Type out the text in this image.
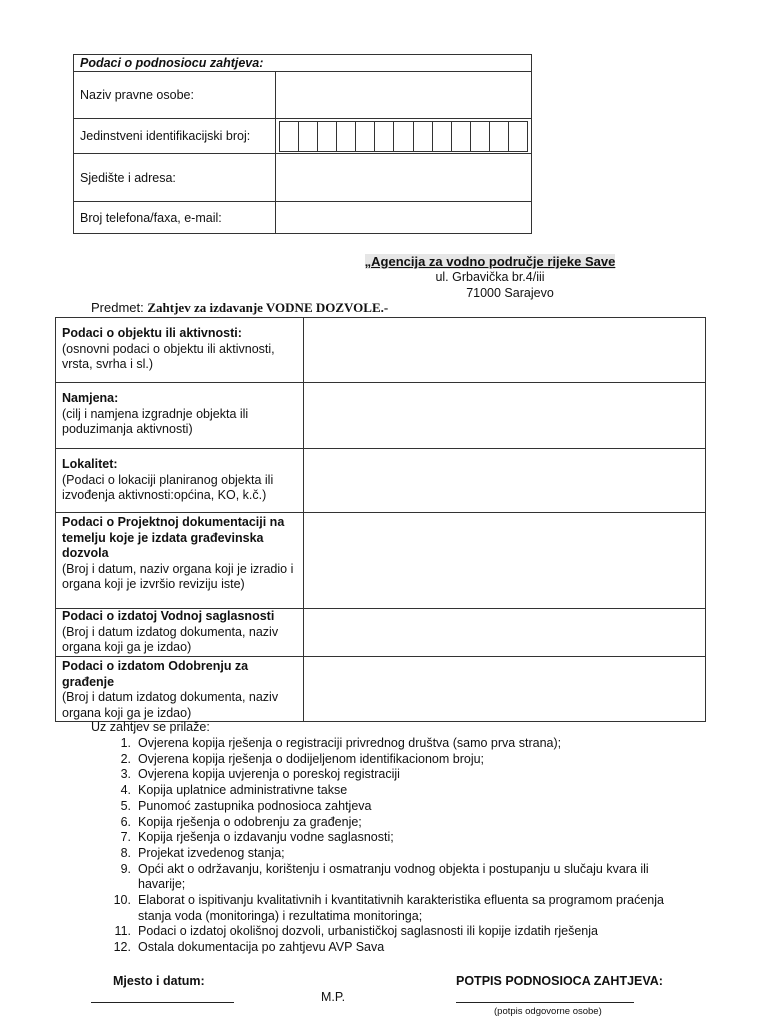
Podaci o podnosiocu zahtjeva:	
Naziv pravne osobe:	
Jedinstveni identifikacijski broj:	

Sjedište i adresa:	
Broj telefona/faxa, e-mail:	
„Agencija za vodno područje rijeke Save
ul. Grbavička br.4/iii
71000 Sarajevo
Predmet: Zahtjev za izdavanje VODNE DOZVOLE.-
Podaci o objektu ili aktivnosti:
(osnovni podaci o objektu ili aktivnosti, vrsta, svrha i sl.)	

Namjena:
(cilj i namjena izgradnje objekta ili poduzimanja aktivnosti)	

Lokalitet:
(Podaci o lokaciji planiranog objekta ili izvođenja aktivnosti:općina, KO, k.č.)	

Podaci o Projektnoj dokumentaciji na temelju koje je izdata građevinska dozvola
(Broj i datum, naziv organa koji je izradio i organa koji je izvršio reviziju iste)	

Podaci o izdatoj Vodnoj saglasnosti
(Broj i datum izdatog dokumenta, naziv organa koji ga je izdao)	

Podaci o izdatom Odobrenju za građenje
(Broj i datum izdatog dokumenta, naziv organa koji ga je izdao)	

Uz zahtjev se prilaže:
1. Ovjerena kopija rješenja o registraciji privrednog društva (samo prva strana);
2. Ovjerena kopija rješenja o dodijeljenom identifikacionom broju;
3. Ovjerena kopija uvjerenja o poreskoj registraciji
4. Kopija uplatnice administrativne takse
5. Punomoć zastupnika podnosioca zahtjeva
6. Kopija rješenja o odobrenju za građenje;
7. Kopija rješenja o izdavanju vodne saglasnosti;
8. Projekat izvedenog stanja;
9. Opći akt o održavanju, korištenju i osmatranju vodnog objekta i postupanju u slučaju kvara ili havarije;
10. Elaborat o ispitivanju kvalitativnih i kvantitativnih karakteristika efluenta sa programom praćenja stanja voda (monitoringa) i rezultatima monitoringa;
11. Podaci o izdatoj okolišnoj dozvoli, urbanističkoj saglasnosti ili kopije izdatih rješenja
12. Ostala dokumentacija po zahtjevu AVP Sava
Mjesto i datum:	POTPIS PODNOSIOCA ZAHTJEVA:
M.P.
(potpis odgovorne osobe)
